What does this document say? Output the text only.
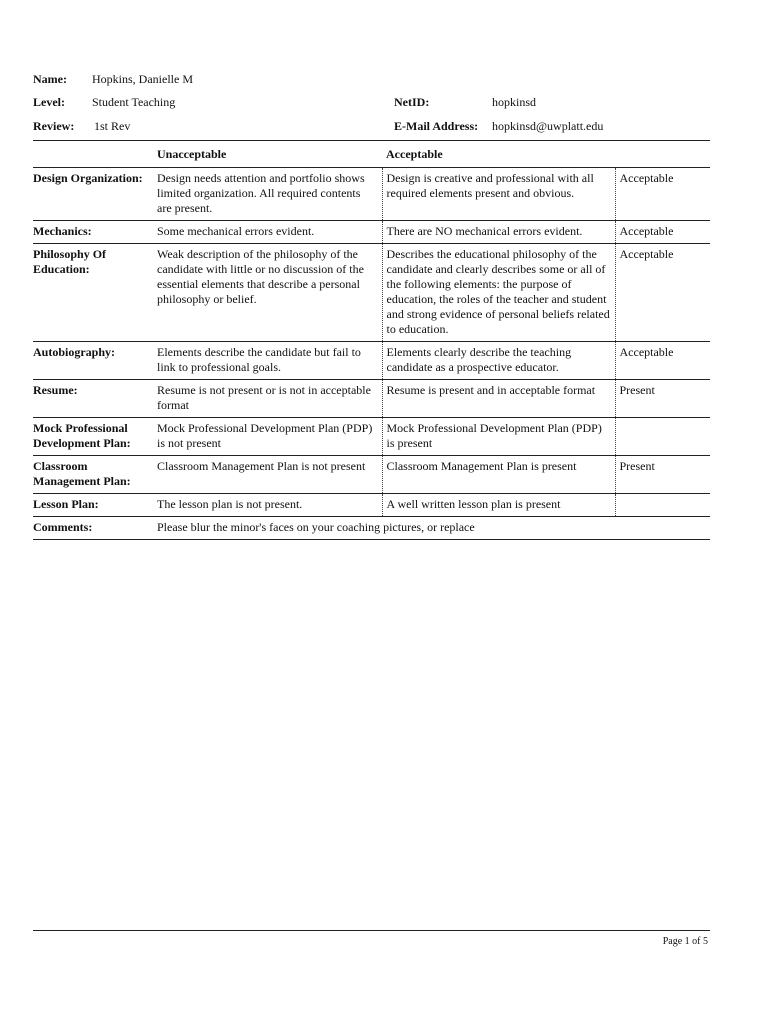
Name: Hopkins, Danielle M
NetID:	hopkinsd
Level: Student Teaching
Review: 1st Rev	E-Mail Address: hopkinsd@uwplatt.edu
	Unacceptable	Acceptable	
Design Organization:	Design needs attention and portfolio shows limited organization. All required contents are present.	Design is creative and professional with all required elements present and obvious.	Acceptable
Mechanics:	Some mechanical errors evident.	There are NO mechanical errors evident.	Acceptable
Philosophy Of Education:	Weak description of the philosophy of the candidate with little or no discussion of the essential elements that describe a personal philosophy or belief.	Describes the educational philosophy of the candidate and clearly describes some or all of the following elements: the purpose of education, the roles of the teacher and student and strong evidence of personal beliefs related to education.	Acceptable
Autobiography:	Elements describe the candidate but fail to link to professional goals.	Elements clearly describe the teaching candidate as a prospective educator.	Acceptable
Resume:	Resume is not present or is not in acceptable format	Resume is present and in acceptable format	Present
Mock Professional Development Plan:	Mock Professional Development Plan (PDP) is not present	Mock Professional Development Plan (PDP) is present	
Classroom Management Plan:	Classroom Management Plan is not present	Classroom Management Plan is present	Present
Lesson Plan:	The lesson plan is not present.	A well written lesson plan is present	
Comments:	Please blur the minor's faces on your coaching pictures, or replace		
Page 1 of 5
